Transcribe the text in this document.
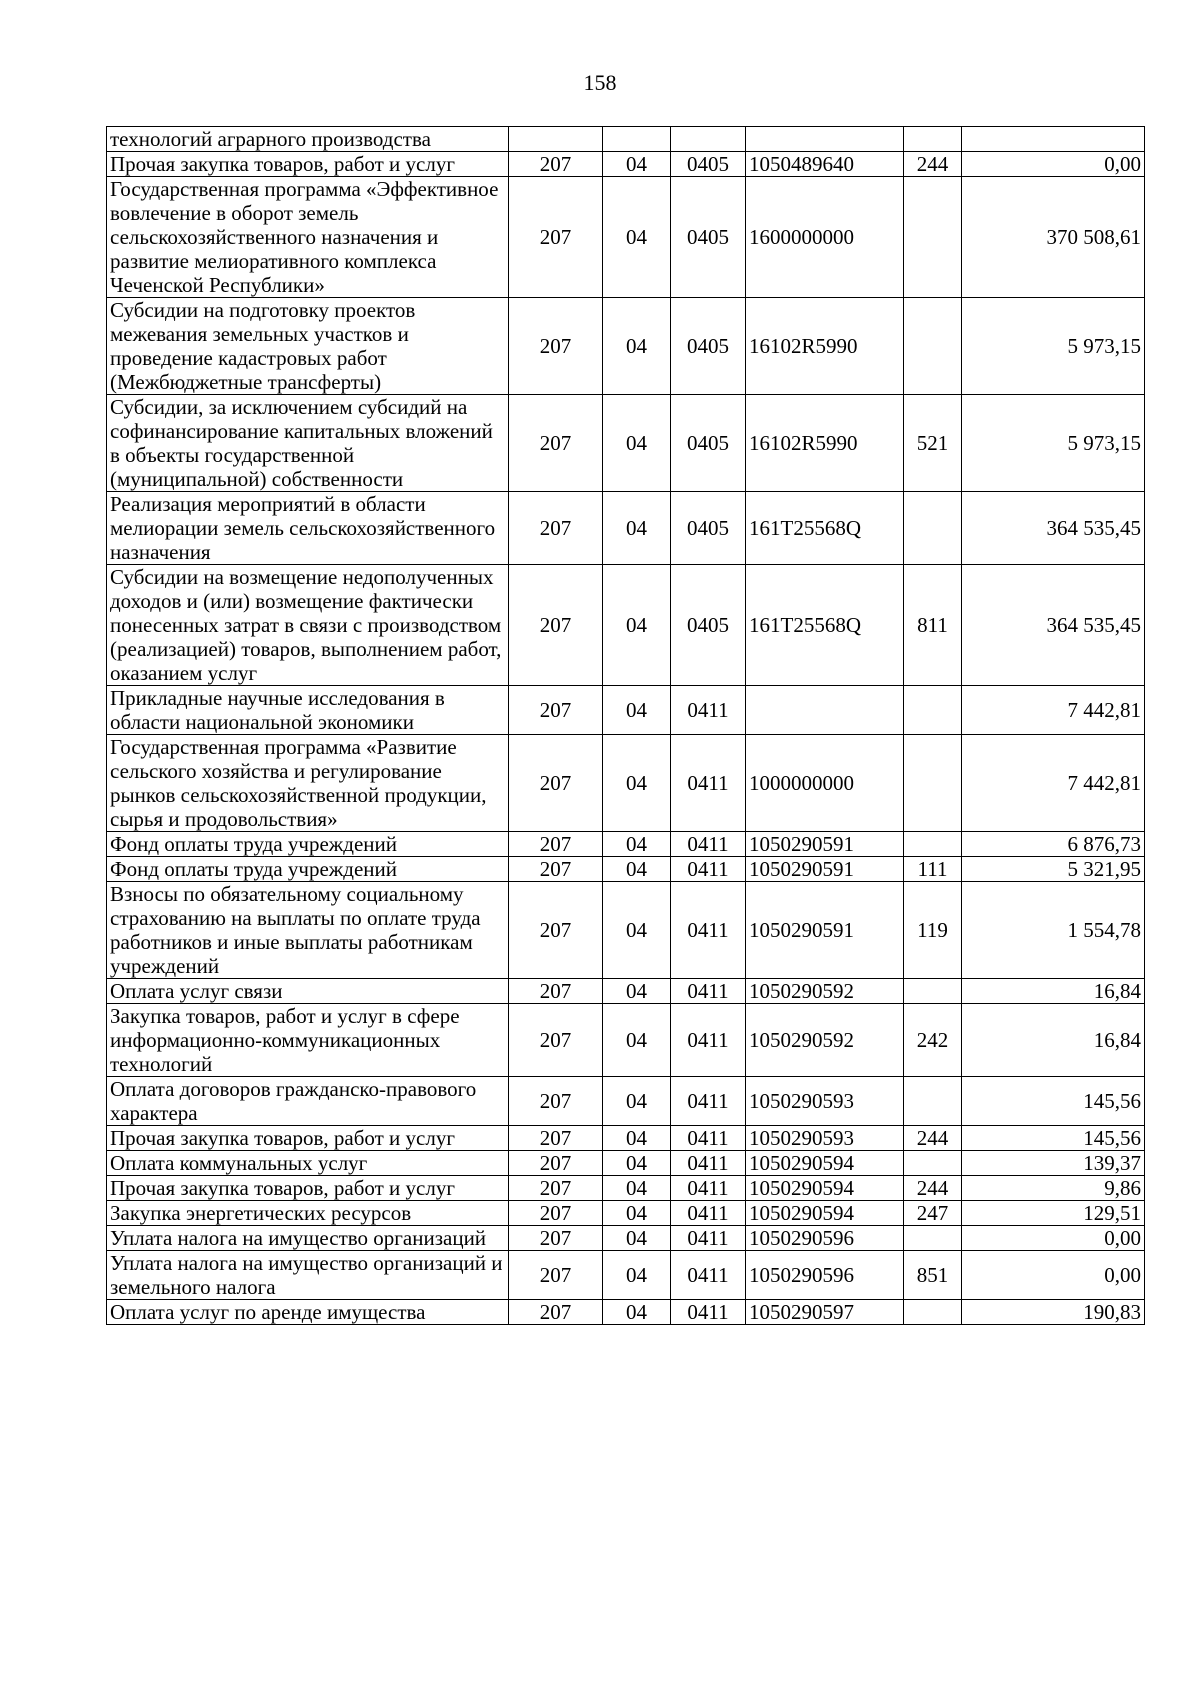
158
технологий аграрного производства						
Прочая закупка товаров, работ и услуг	207	04	0405	1050489640	244	0,00
Государственная программа «Эффективное вовлечение в оборот земель сельскохозяйственного назначения и развитие мелиоративного комплекса Чеченской Республики»	207	04	0405	1600000000		370 508,61
Субсидии на подготовку проектов межевания земельных участков и проведение кадастровых работ (Межбюджетные трансферты)	207	04	0405	16102R5990		5 973,15
Субсидии, за исключением субсидий на софинансирование капитальных вложений в объекты государственной (муниципальной) собственности	207	04	0405	16102R5990	521	5 973,15
Реализация мероприятий в области мелиорации земель сельскохозяйственного назначения	207	04	0405	161T25568Q		364 535,45
Субсидии на возмещение недополученных доходов и (или) возмещение фактически понесенных затрат в связи с производством (реализацией) товаров, выполнением работ, оказанием услуг	207	04	0405	161T25568Q	811	364 535,45
Прикладные научные исследования в области национальной экономики	207	04	0411			7 442,81
Государственная программа «Развитие сельского хозяйства и регулирование рынков сельскохозяйственной продукции, сырья и продовольствия»	207	04	0411	1000000000		7 442,81
Фонд оплаты труда учреждений	207	04	0411	1050290591		6 876,73
Фонд оплаты труда учреждений	207	04	0411	1050290591	111	5 321,95
Взносы по обязательному социальному страхованию на выплаты по оплате труда работников и иные выплаты работникам учреждений	207	04	0411	1050290591	119	1 554,78
Оплата услуг связи	207	04	0411	1050290592		16,84
Закупка товаров, работ и услуг в сфере информационно-коммуникационных технологий	207	04	0411	1050290592	242	16,84
Оплата договоров гражданско-правового характера	207	04	0411	1050290593		145,56
Прочая закупка товаров, работ и услуг	207	04	0411	1050290593	244	145,56
Оплата коммунальных услуг	207	04	0411	1050290594		139,37
Прочая закупка товаров, работ и услуг	207	04	0411	1050290594	244	9,86
Закупка энергетических ресурсов	207	04	0411	1050290594	247	129,51
Уплата налога на имущество организаций	207	04	0411	1050290596		0,00
Уплата налога на имущество организаций и земельного налога	207	04	0411	1050290596	851	0,00
Оплата услуг по аренде имущества	207	04	0411	1050290597		190,83
